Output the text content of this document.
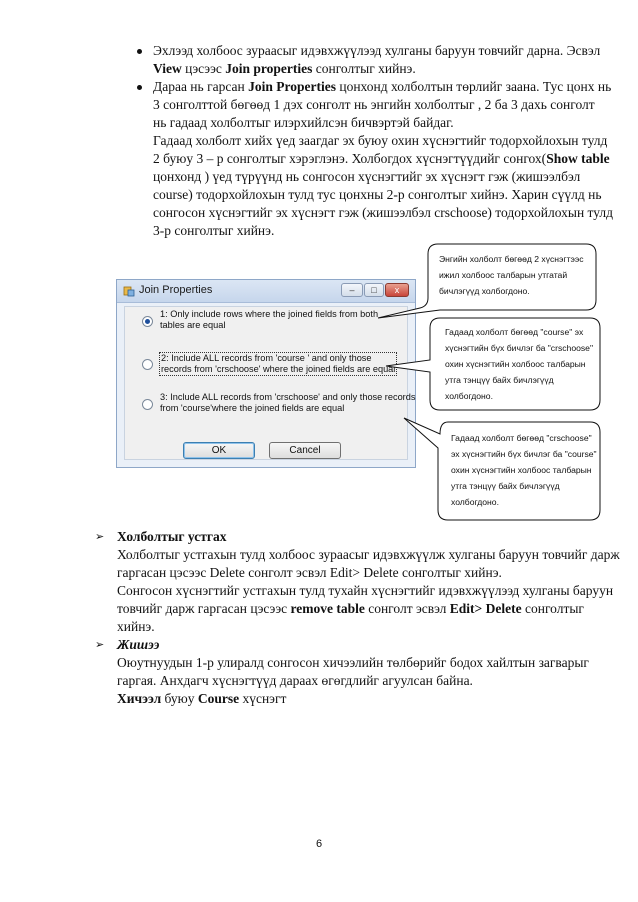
Эхлээд холбоос зураасыг идэвхжүүлээд хулганы баруун товчийг дарна. Эсвэл
View цэсээс Join properties сонголтыг хийнэ.
Дараа нь гарсан Join Properties цонхонд холболтын төрлийг заана. Тус цонх нь
3 сонголттой бөгөөд 1 дэх сонголт нь энгийн холболтыг , 2 ба 3 дахь сонголт
нь гадаад холболтыг илэрхийлсэн бичвэртэй байдаг.
Гадаад холболт хийх үед заагдаг эх буюу охин хүснэгтийг тодорхойлохын тулд
2 буюу 3 – р сонголтыг хэрэглэнэ. Холбогдох хүснэгтүүдийг сонгох(Show table
цонхонд ) үед түрүүнд нь сонгосон хүснэгтийг эх хүснэгт гэж (жишээлбэл
course) тодорхойлохын тулд тус цонхны 2-р сонголтыг хийнэ. Харин сүүлд нь
сонгосон хүснэгтийг эх хүснэгт гэж (жишээлбэл crschoose) тодорхойлохын тулд
3-р сонголтыг хийнэ.
Join Properties	–	□	x
1: Only include rows where the joined fields from both
tables are equal
2: Include ALL records from 'course ' and only those
records from 'crschoose' where the joined fields are equal
3: Include ALL records from 'crschoose' and only those records
from 'course'where the joined fields are equal
OK	Cancel
Энгийн холболт бөгөөд 2 хүснэгтээс
ижил холбоос талбарын утгатай
бичлэгүүд холбогдоно.
Гадаад холболт бөгөөд "course" эх
хүснэгтийн бүх бичлэг ба "crschoose"
охин хүснэгтийн холбоос талбарын
утга тэнцүү байх бичлэгүүд
холбогдоно.
Гадаад холболт бөгөөд "crschoose"
эх хүснэгтийн бүх бичлэг ба "course"
охин хүснэгтийн холбоос талбарын
утга тэнцүү байх бичлэгүүд
холбогдоно.
➢ Холболтыг устгах
Холболтыг устгахын тулд холбоос зураасыг идэвхжүүлж хулганы баруун товчийг дарж
гаргасан цэсээс Delete сонголт эсвэл Edit> Delete сонголтыг хийнэ.
Сонгосон хүснэгтийг устгахын тулд тухайн хүснэгтийг идэвхжүүлээд хулганы баруун
товчийг дарж гаргасан цэсээс remove table сонголт эсвэл Edit> Delete сонголтыг
хийнэ.
➢ Жишээ
Оюутнуудын 1-р улиралд сонгосон хичээлийн төлбөрийг бодох хайлтын загварыг
гаргая. Анхдагч хүснэгтүүд дараах өгөгдлийг агуулсан байна.
Хичээл буюу Course хүснэгт
6
